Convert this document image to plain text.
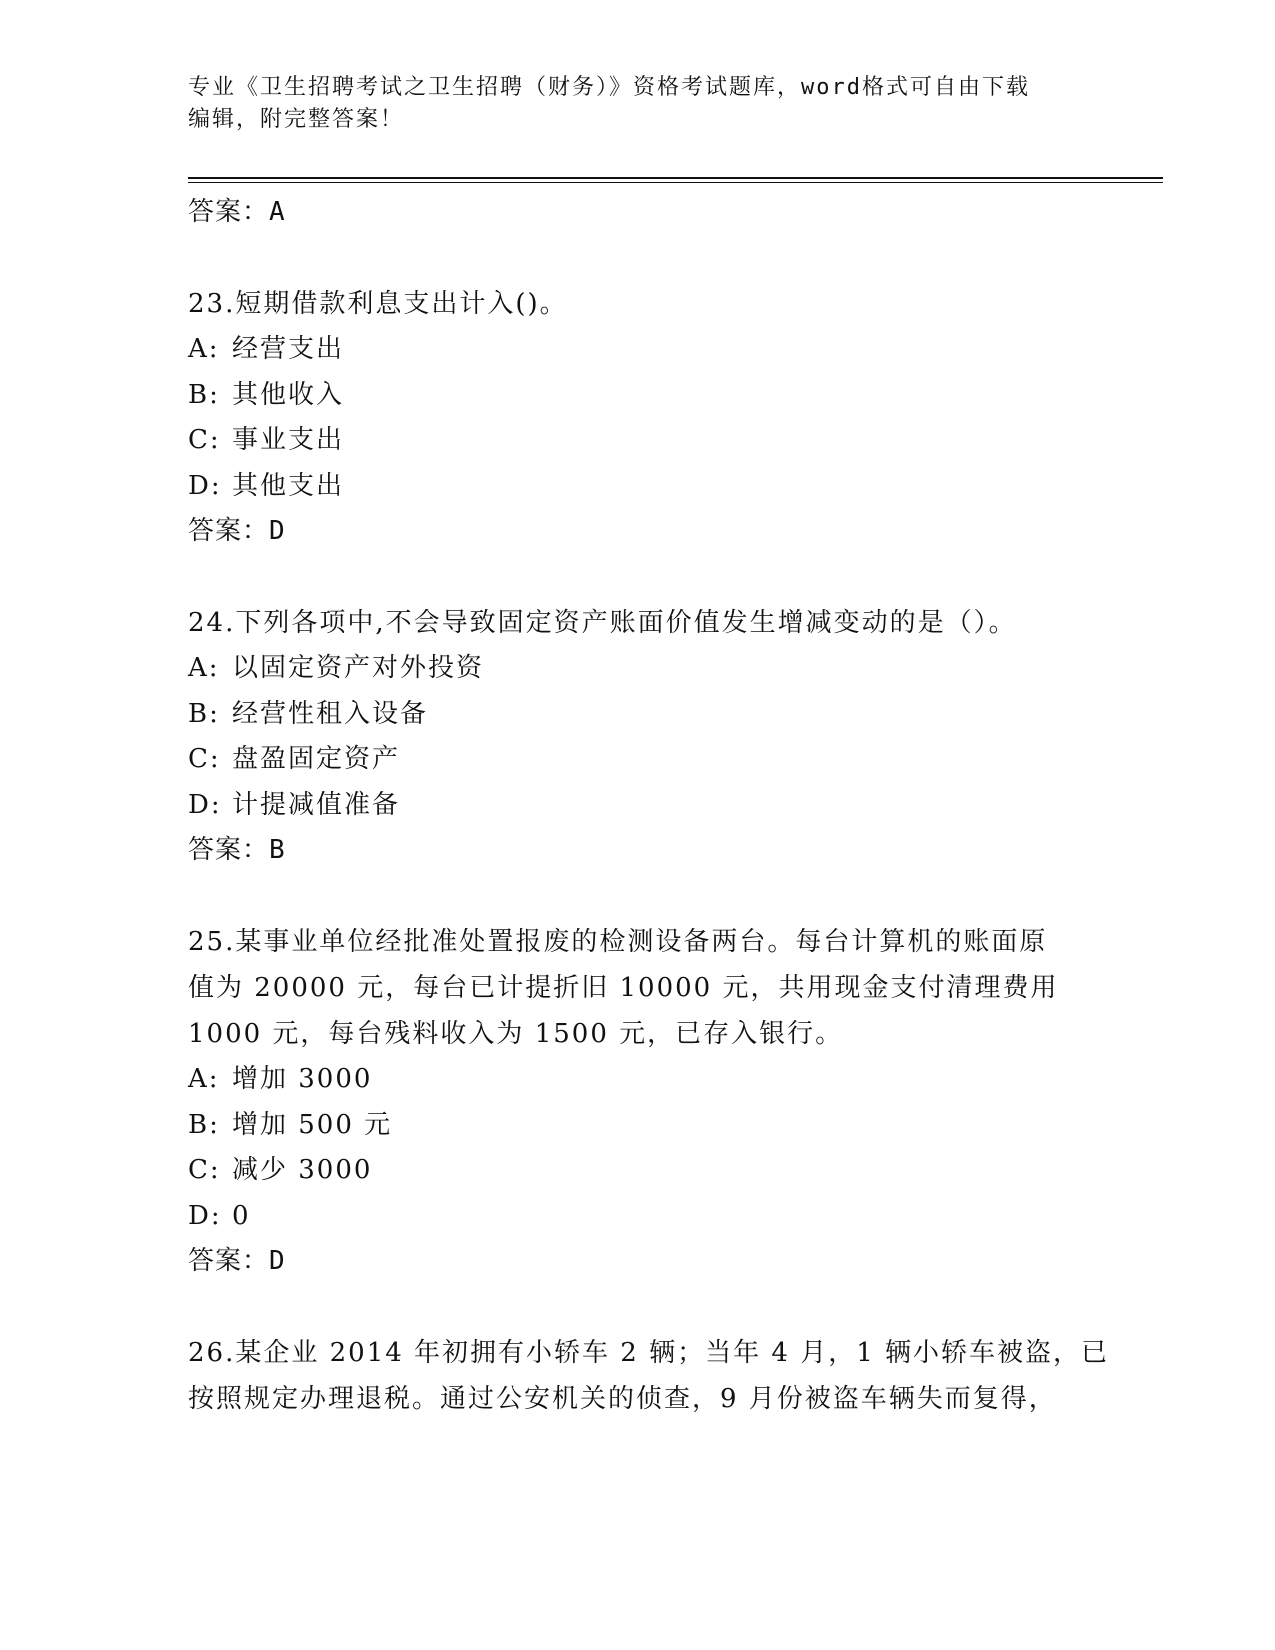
专业《卫生招聘考试之卫生招聘（财务）》资格考试题库，word格式可自由下载
编辑，附完整答案！
答案：A
23.短期借款利息支出计入()。
A: 经营支出
B: 其他收入
C: 事业支出
D: 其他支出
答案：D
24.下列各项中,不会导致固定资产账面价值发生增减变动的是（）。
A: 以固定资产对外投资
B: 经营性租入设备
C: 盘盈固定资产
D: 计提减值准备
答案：B
25.某事业单位经批准处置报废的检测设备两台。每台计算机的账面原
值为 20000 元，每台已计提折旧 10000 元，共用现金支付清理费用
1000 元，每台残料收入为 1500 元，已存入银行。
A: 增加 3000
B: 增加 500 元
C: 减少 3000
D: 0
答案：D
26.某企业 2014 年初拥有小轿车 2 辆；当年 4 月，1 辆小轿车被盗，已
按照规定办理退税。通过公安机关的侦查，9 月份被盗车辆失而复得，
